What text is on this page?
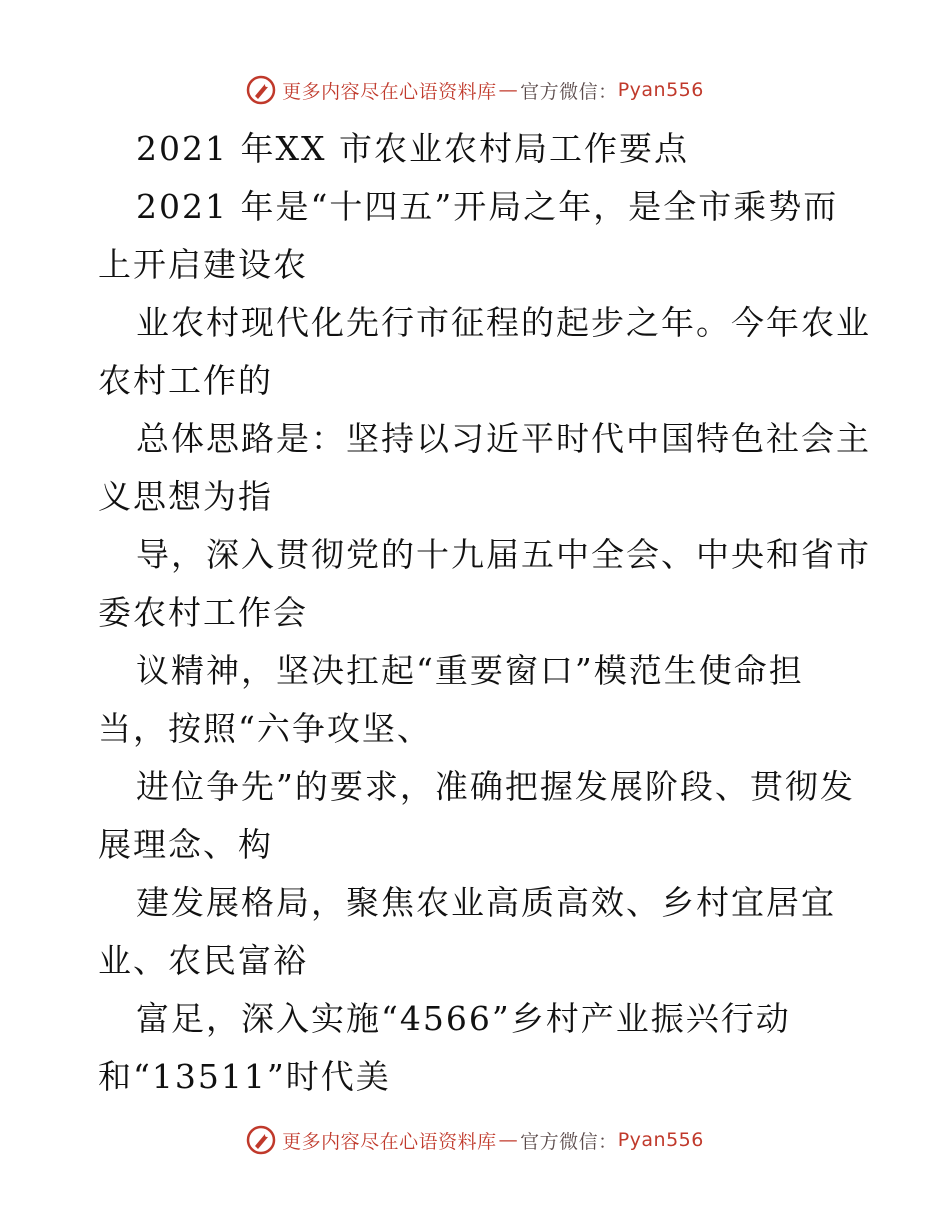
更多内容尽在心语资料库 — 官方微信： Pyan556
2021 年XX 市农业农村局工作要点
2021 年是“十四五”开局之年，是全市乘势而
上开启建设农
业农村现代化先行市征程的起步之年。今年农业
农村工作的
总体思路是：坚持以习近平时代中国特色社会主
义思想为指
导，深入贯彻党的十九届五中全会、中央和省市
委农村工作会
议精神，坚决扛起“重要窗口”模范生使命担
当，按照“六争攻坚、
进位争先”的要求，准确把握发展阶段、贯彻发
展理念、构
建发展格局，聚焦农业高质高效、乡村宜居宜
业、农民富裕
富足，深入实施“4566”乡村产业振兴行动
和“13511”时代美
更多内容尽在心语资料库 — 官方微信： Pyan556
